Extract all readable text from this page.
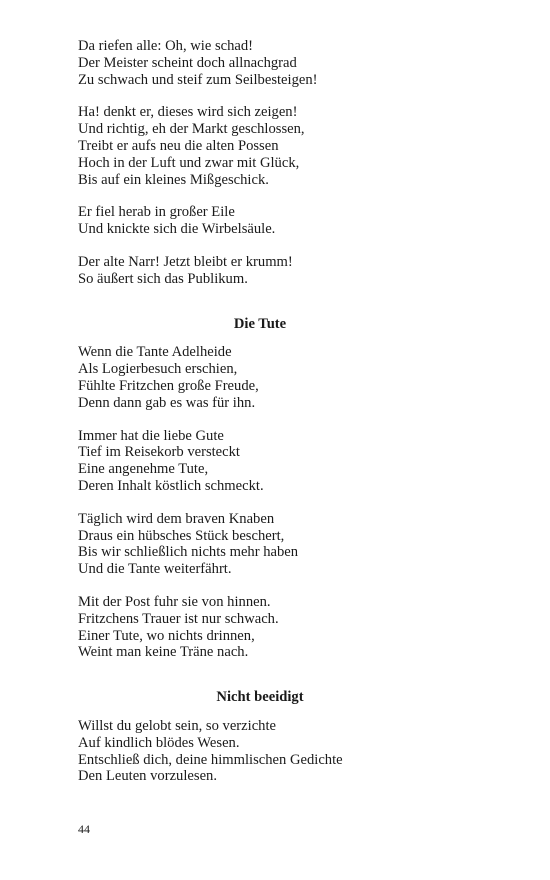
Da riefen alle: Oh, wie schad!
Der Meister scheint doch allnachgrad
Zu schwach und steif zum Seilbesteigen!
Ha! denkt er, dieses wird sich zeigen!
Und richtig, eh der Markt geschlossen,
Treibt er aufs neu die alten Possen
Hoch in der Luft und zwar mit Glück,
Bis auf ein kleines Mißgeschick.
Er fiel herab in großer Eile
Und knickte sich die Wirbelsäule.
Der alte Narr! Jetzt bleibt er krumm!
So äußert sich das Publikum.
Die Tute
Wenn die Tante Adelheide
Als Logierbesuch erschien,
Fühlte Fritzchen große Freude,
Denn dann gab es was für ihn.
Immer hat die liebe Gute
Tief im Reisekorb versteckt
Eine angenehme Tute,
Deren Inhalt köstlich schmeckt.
Täglich wird dem braven Knaben
Draus ein hübsches Stück beschert,
Bis wir schließlich nichts mehr haben
Und die Tante weiterfährt.
Mit der Post fuhr sie von hinnen.
Fritzchens Trauer ist nur schwach.
Einer Tute, wo nichts drinnen,
Weint man keine Träne nach.
Nicht beeidigt
Willst du gelobt sein, so verzichte
Auf kindlich blödes Wesen.
Entschließ dich, deine himmlischen Gedichte
Den Leuten vorzulesen.
44
